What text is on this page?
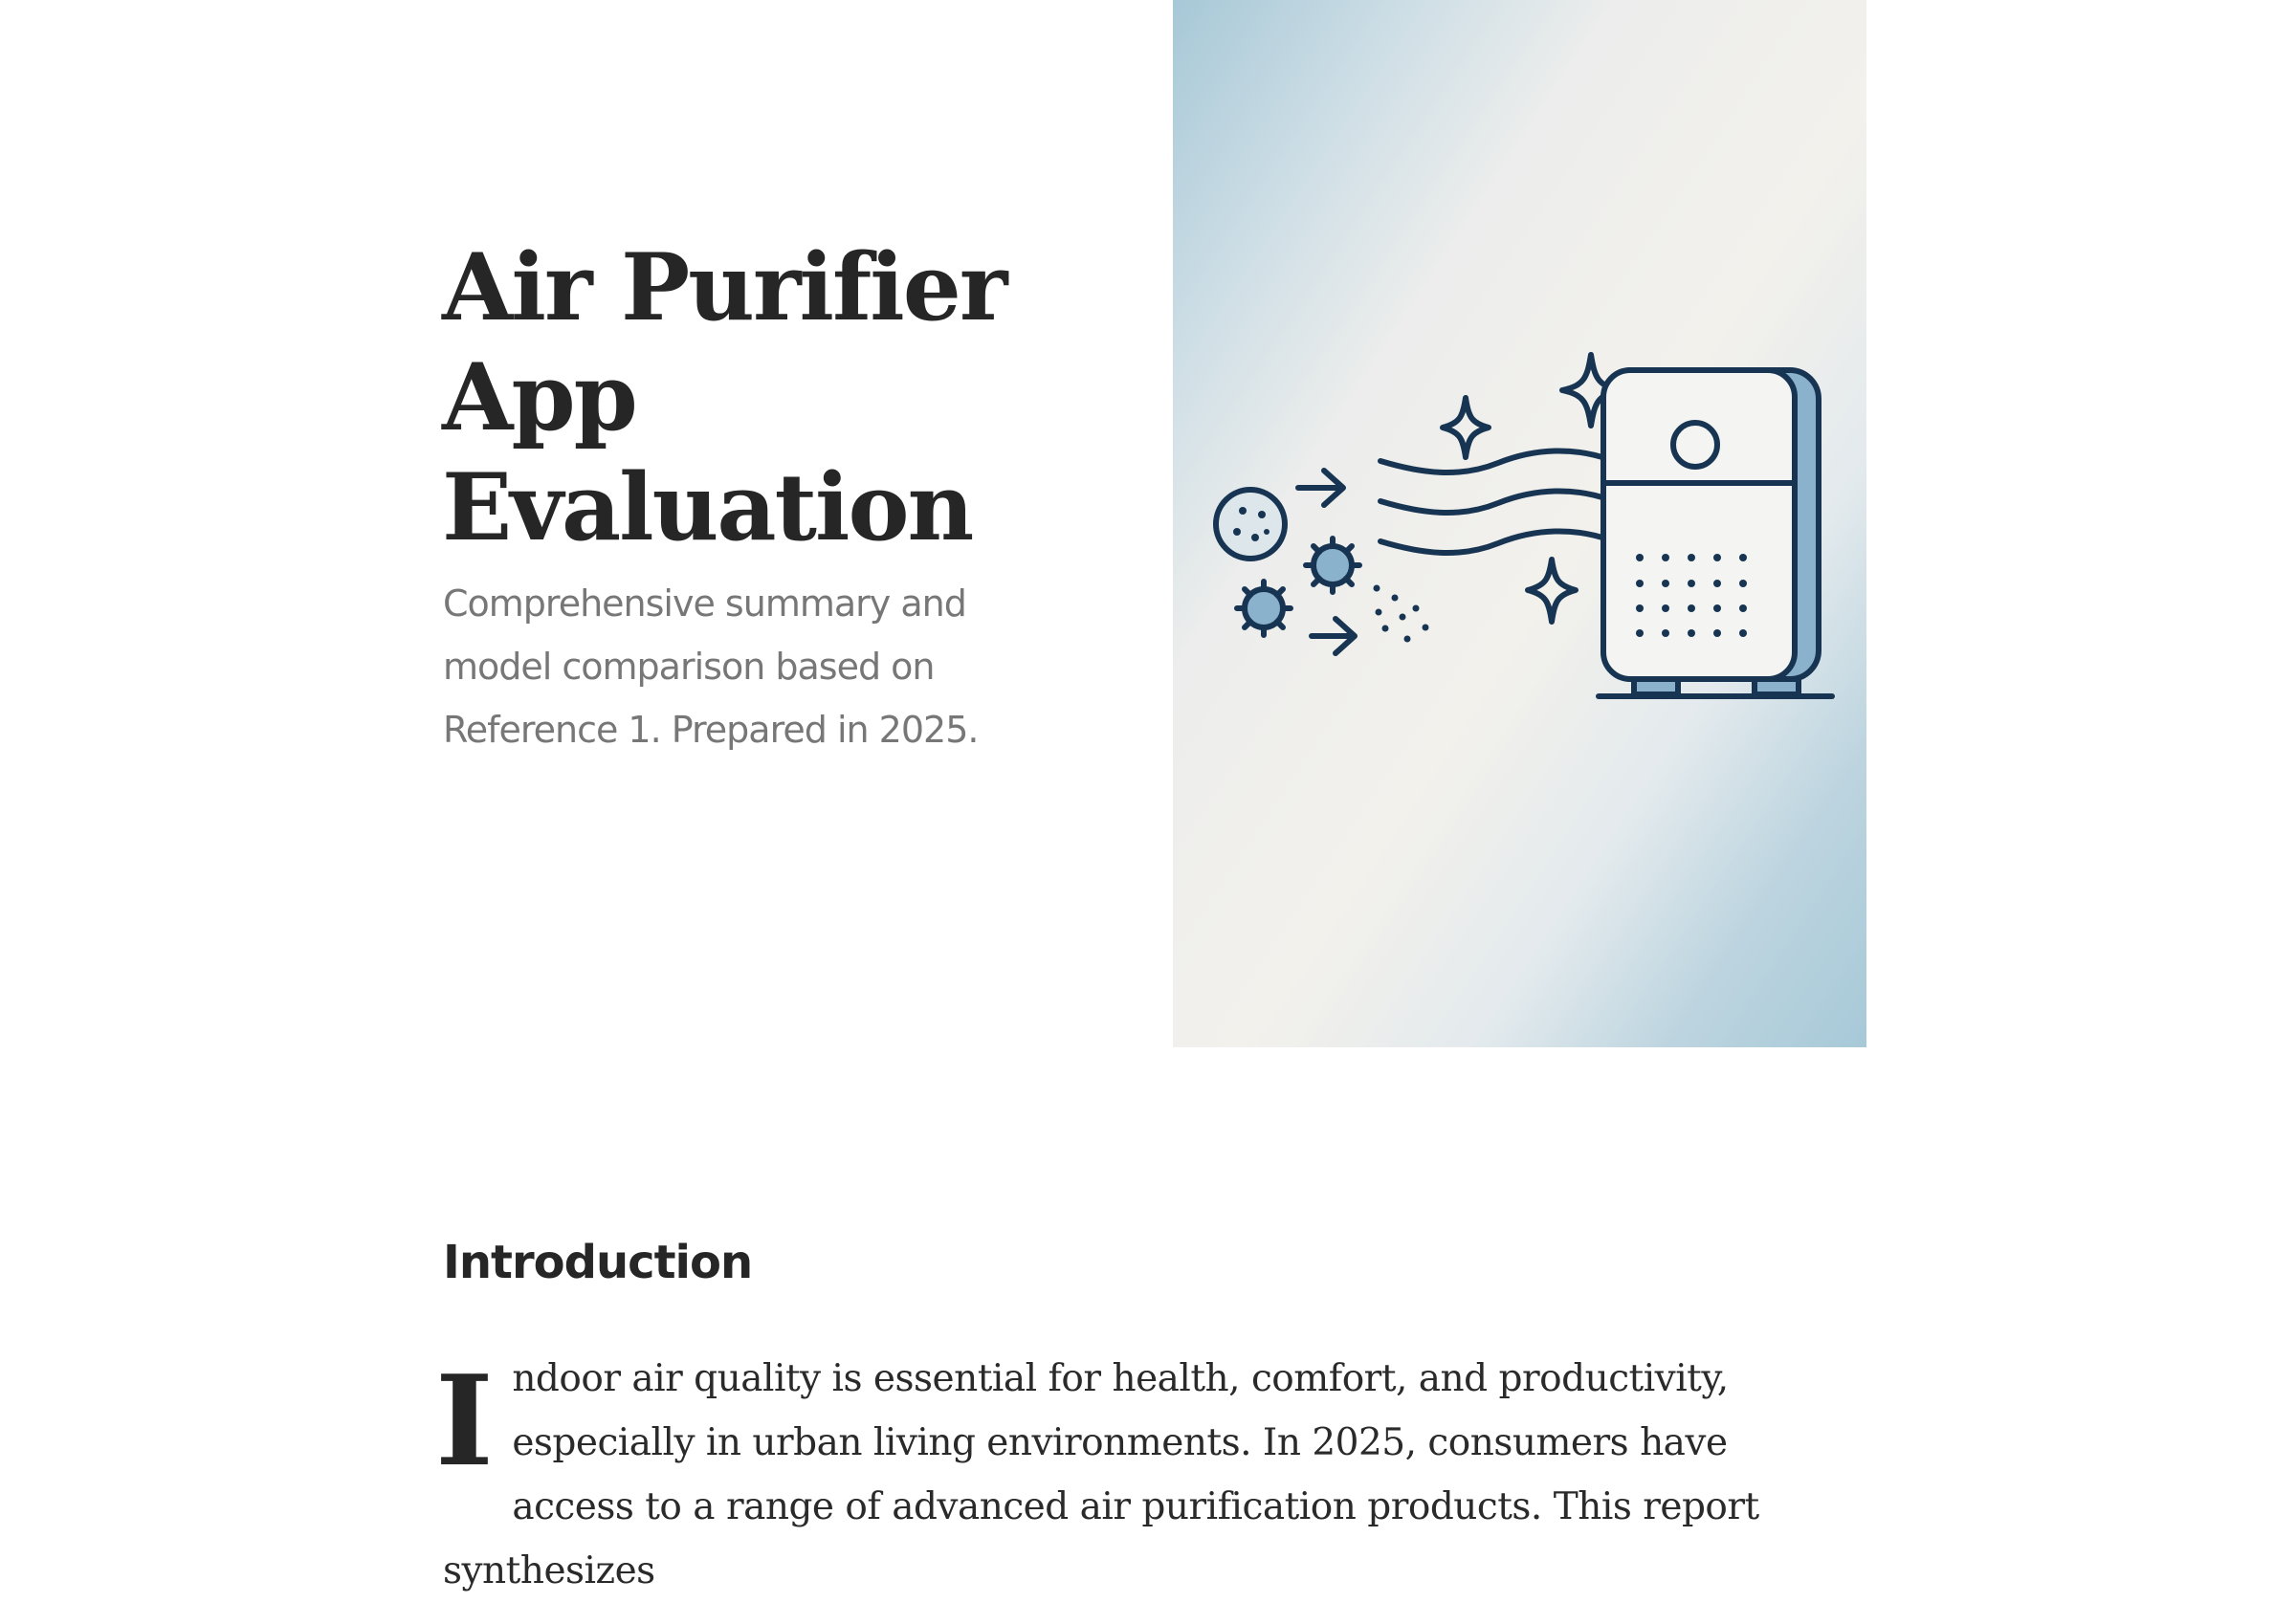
Air Purifier App Evaluation

Comprehensive summary and model comparison based on Reference 1. Prepared in 2025.

Introduction

Indoor air quality is essential for health, comfort, and productivity, especially in urban living environments. In 2025, consumers have access to a range of advanced air purification products. This report synthesizes
